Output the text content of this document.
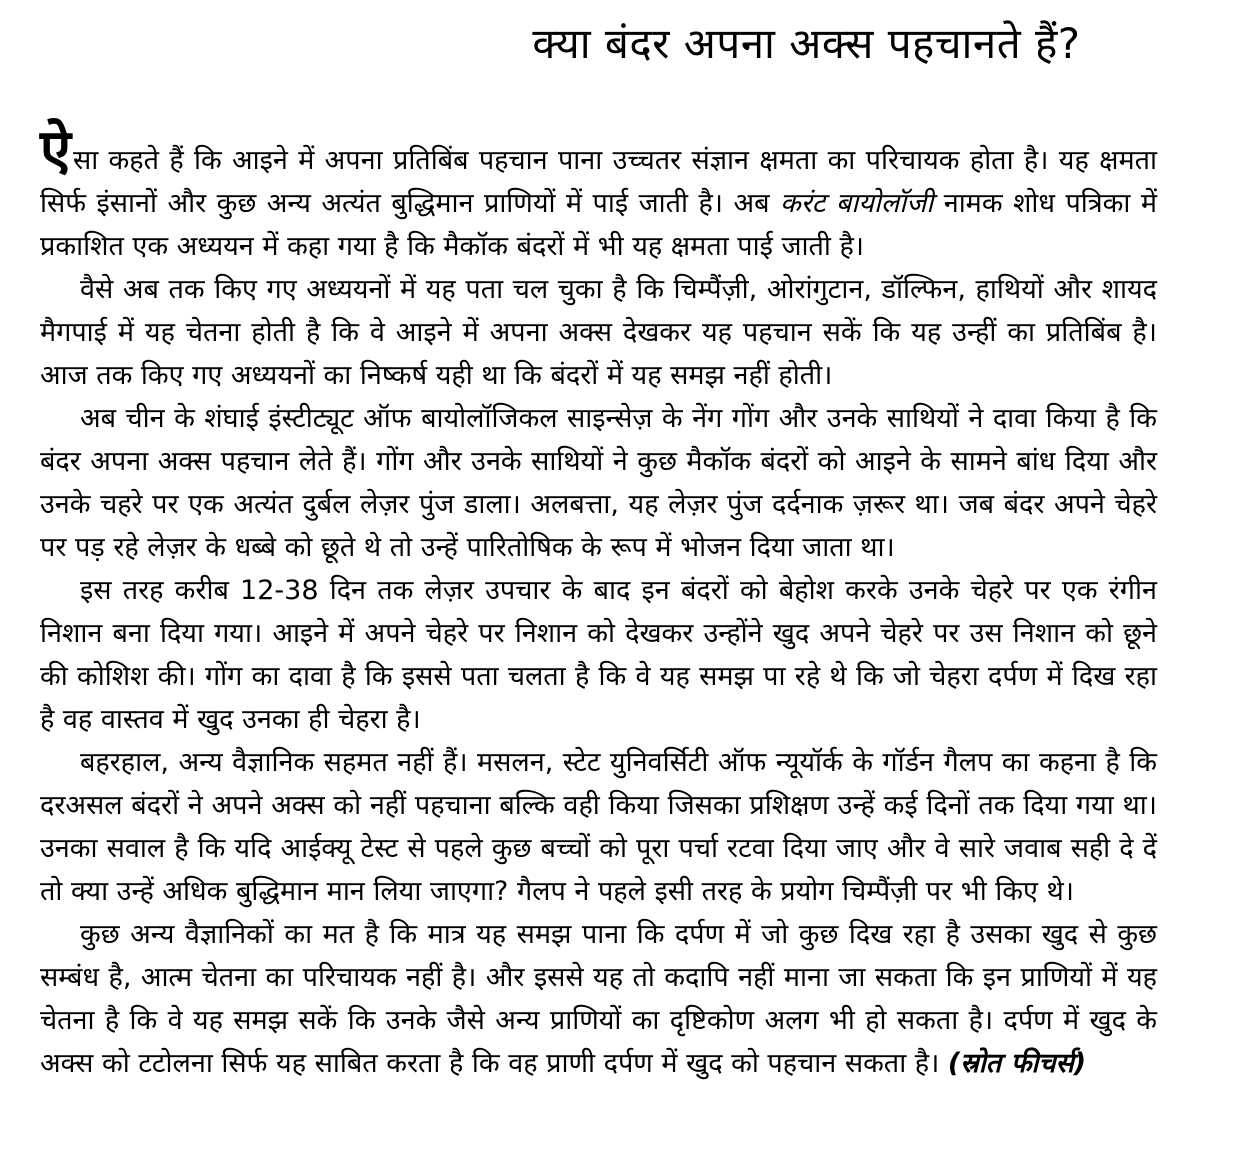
क्या बंदर अपना अक्स पहचानते हैं?

ऐसा कहते हैं कि आइने में अपना प्रतिबिंब पहचान पाना उच्चतर संज्ञान क्षमता का परिचायक होता है। यह क्षमता सिर्फ इंसानों और कुछ अन्य अत्यंत बुद्धिमान प्राणियों में पाई जाती है। अब करंट बायोलॉजी नामक शोध पत्रिका में प्रकाशित एक अध्ययन में कहा गया है कि मैकॉक बंदरों में भी यह क्षमता पाई जाती है।

वैसे अब तक किए गए अध्ययनों में यह पता चल चुका है कि चिम्पैंज़ी, ओरांगुटान, डॉल्फिन, हाथियों और शायद मैगपाई में यह चेतना होती है कि वे आइने में अपना अक्स देखकर यह पहचान सकें कि यह उन्हीं का प्रतिबिंब है। आज तक किए गए अध्ययनों का निष्कर्ष यही था कि बंदरों में यह समझ नहीं होती।

अब चीन के शंघाई इंस्टीट्यूट ऑफ बायोलॉजिकल साइन्सेज़ के नेंग गोंग और उनके साथियों ने दावा किया है कि बंदर अपना अक्स पहचान लेते हैं। गोंग और उनके साथियों ने कुछ मैकॉक बंदरों को आइने के सामने बांध दिया और उनके चहरे पर एक अत्यंत दुर्बल लेज़र पुंज डाला। अलबत्ता, यह लेज़र पुंज दर्दनाक ज़रूर था। जब बंदर अपने चेहरे पर पड़ रहे लेज़र के धब्बे को छूते थे तो उन्हें पारितोषिक के रूप में भोजन दिया जाता था।

इस तरह करीब 12-38 दिन तक लेज़र उपचार के बाद इन बंदरों को बेहोश करके उनके चेहरे पर एक रंगीन निशान बना दिया गया। आइने में अपने चेहरे पर निशान को देखकर उन्होंने खुद अपने चेहरे पर उस निशान को छूने की कोशिश की। गोंग का दावा है कि इससे पता चलता है कि वे यह समझ पा रहे थे कि जो चेहरा दर्पण में दिख रहा है वह वास्तव में खुद उनका ही चेहरा है।

बहरहाल, अन्य वैज्ञानिक सहमत नहीं हैं। मसलन, स्टेट युनिवर्सिटी ऑफ न्यूयॉर्क के गॉर्डन गैलप का कहना है कि दरअसल बंदरों ने अपने अक्स को नहीं पहचाना बल्कि वही किया जिसका प्रशिक्षण उन्हें कई दिनों तक दिया गया था। उनका सवाल है कि यदि आईक्यू टेस्ट से पहले कुछ बच्चों को पूरा पर्चा रटवा दिया जाए और वे सारे जवाब सही दे दें तो क्या उन्हें अधिक बुद्धिमान मान लिया जाएगा? गैलप ने पहले इसी तरह के प्रयोग चिम्पैंज़ी पर भी किए थे।

कुछ अन्य वैज्ञानिकों का मत है कि मात्र यह समझ पाना कि दर्पण में जो कुछ दिख रहा है उसका खुद से कुछ सम्बंध है, आत्म चेतना का परिचायक नहीं है। और इससे यह तो कदापि नहीं माना जा सकता कि इन प्राणियों में यह चेतना है कि वे यह समझ सकें कि उनके जैसे अन्य प्राणियों का दृष्टिकोण अलग भी हो सकता है। दर्पण में खुद के अक्स को टटोलना सिर्फ यह साबित करता है कि वह प्राणी दर्पण में खुद को पहचान सकता है। (स्रोत फीचर्स)
